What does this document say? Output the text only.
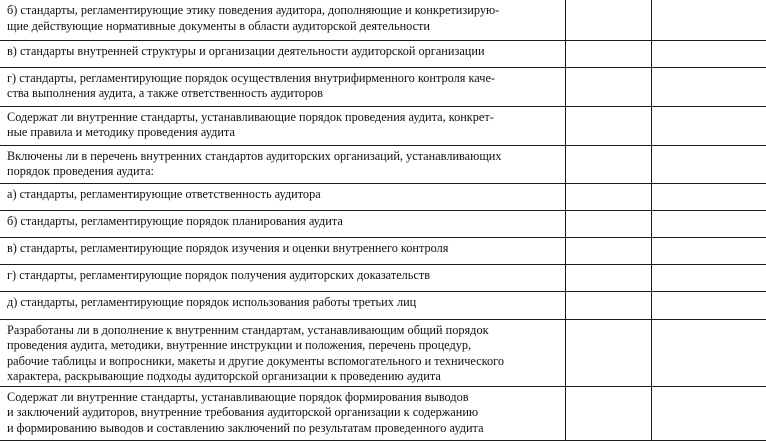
б) стандарты, регламентирующие этику поведения аудитора, дополняющие и конкретизирую-
щие действующие нормативные документы в области аудиторской деятельности		

в) стандарты внутренней структуры и организации деятельности аудиторской организации		

г) стандарты, регламентирующие порядок осуществления внутрифирменного контроля каче-
ства выполнения аудита, а также ответственность аудиторов		

Содержат ли внутренние стандарты, устанавливающие порядок проведения аудита, конкрет-
ные правила и методику проведения аудита		

Включены ли в перечень внутренних стандартов аудиторских организаций, устанавливающих
порядок проведения аудита:		

а) стандарты, регламентирующие ответственность аудитора		

б) стандарты, регламентирующие порядок планирования аудита		

в) стандарты, регламентирующие порядок изучения и оценки внутреннего контроля		

г) стандарты, регламентирующие порядок получения аудиторских доказательств		

д) стандарты, регламентирующие порядок использования работы третьих лиц		

Разработаны ли в дополнение к внутренним стандартам, устанавливающим общий порядок
проведения аудита, методики, внутренние инструкции и положения, перечень процедур,
рабочие таблицы и вопросники, макеты и другие документы вспомогательного и технического
характера, раскрывающие подходы аудиторской организации к проведению аудита		

Содержат ли внутренние стандарты, устанавливающие порядок формирования выводов
и заключений аудиторов, внутренние требования аудиторской организации к содержанию
и формированию выводов и составлению заключений по результатам проведенного аудита		
